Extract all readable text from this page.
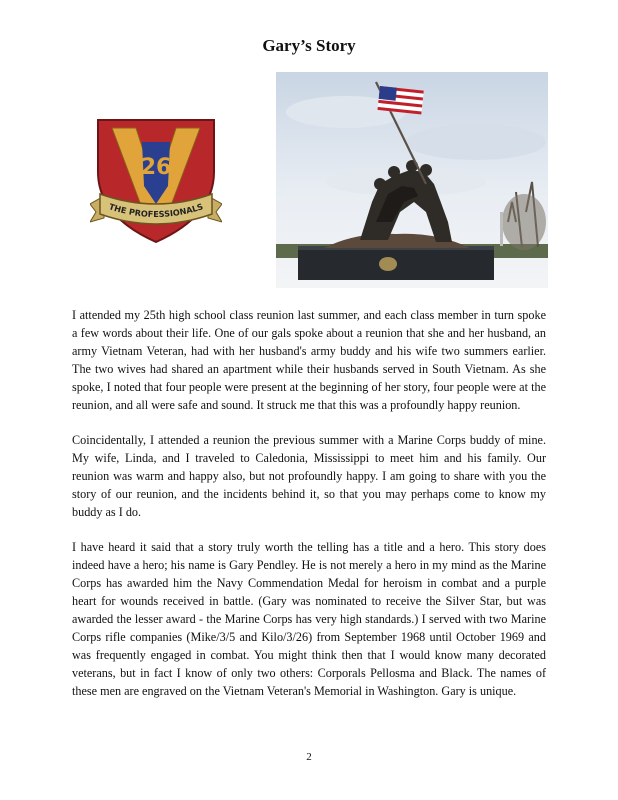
Gary’s Story
26
THE PROFESSIONALS

I attended my 25th high school class reunion last summer, and each class member in turn spoke a few words about their life. One of our gals spoke about a reunion that she and her husband, an army Vietnam Veteran, had with her husband's army buddy and his wife two summers earlier. The two wives had shared an apartment while their husbands served in South Vietnam. As she spoke, I noted that four people were present at the beginning of her story, four people were at the reunion, and all were safe and sound. It struck me that this was a profoundly happy reunion.

Coincidentally, I attended a reunion the previous summer with a Marine Corps buddy of mine. My wife, Linda, and I traveled to Caledonia, Mississippi to meet him and his family. Our reunion was warm and happy also, but not profoundly happy. I am going to share with you the story of our reunion, and the incidents behind it, so that you may perhaps come to know my buddy as I do.

I have heard it said that a story truly worth the telling has a title and a hero. This story does indeed have a hero; his name is Gary Pendley. He is not merely a hero in my mind as the Marine Corps has awarded him the Navy Commendation Medal for heroism in combat and a purple heart for wounds received in battle. (Gary was nominated to receive the Silver Star, but was awarded the lesser award - the Marine Corps has very high standards.) I served with two Marine Corps rifle companies (Mike/3/5 and Kilo/3/26) from September 1968 until October 1969 and was frequently engaged in combat. You might think then that I would know many decorated veterans, but in fact I know of only two others: Corporals Pellosma and Black. The names of these men are engraved on the Vietnam Veteran's Memorial in Washington. Gary is unique.

2
